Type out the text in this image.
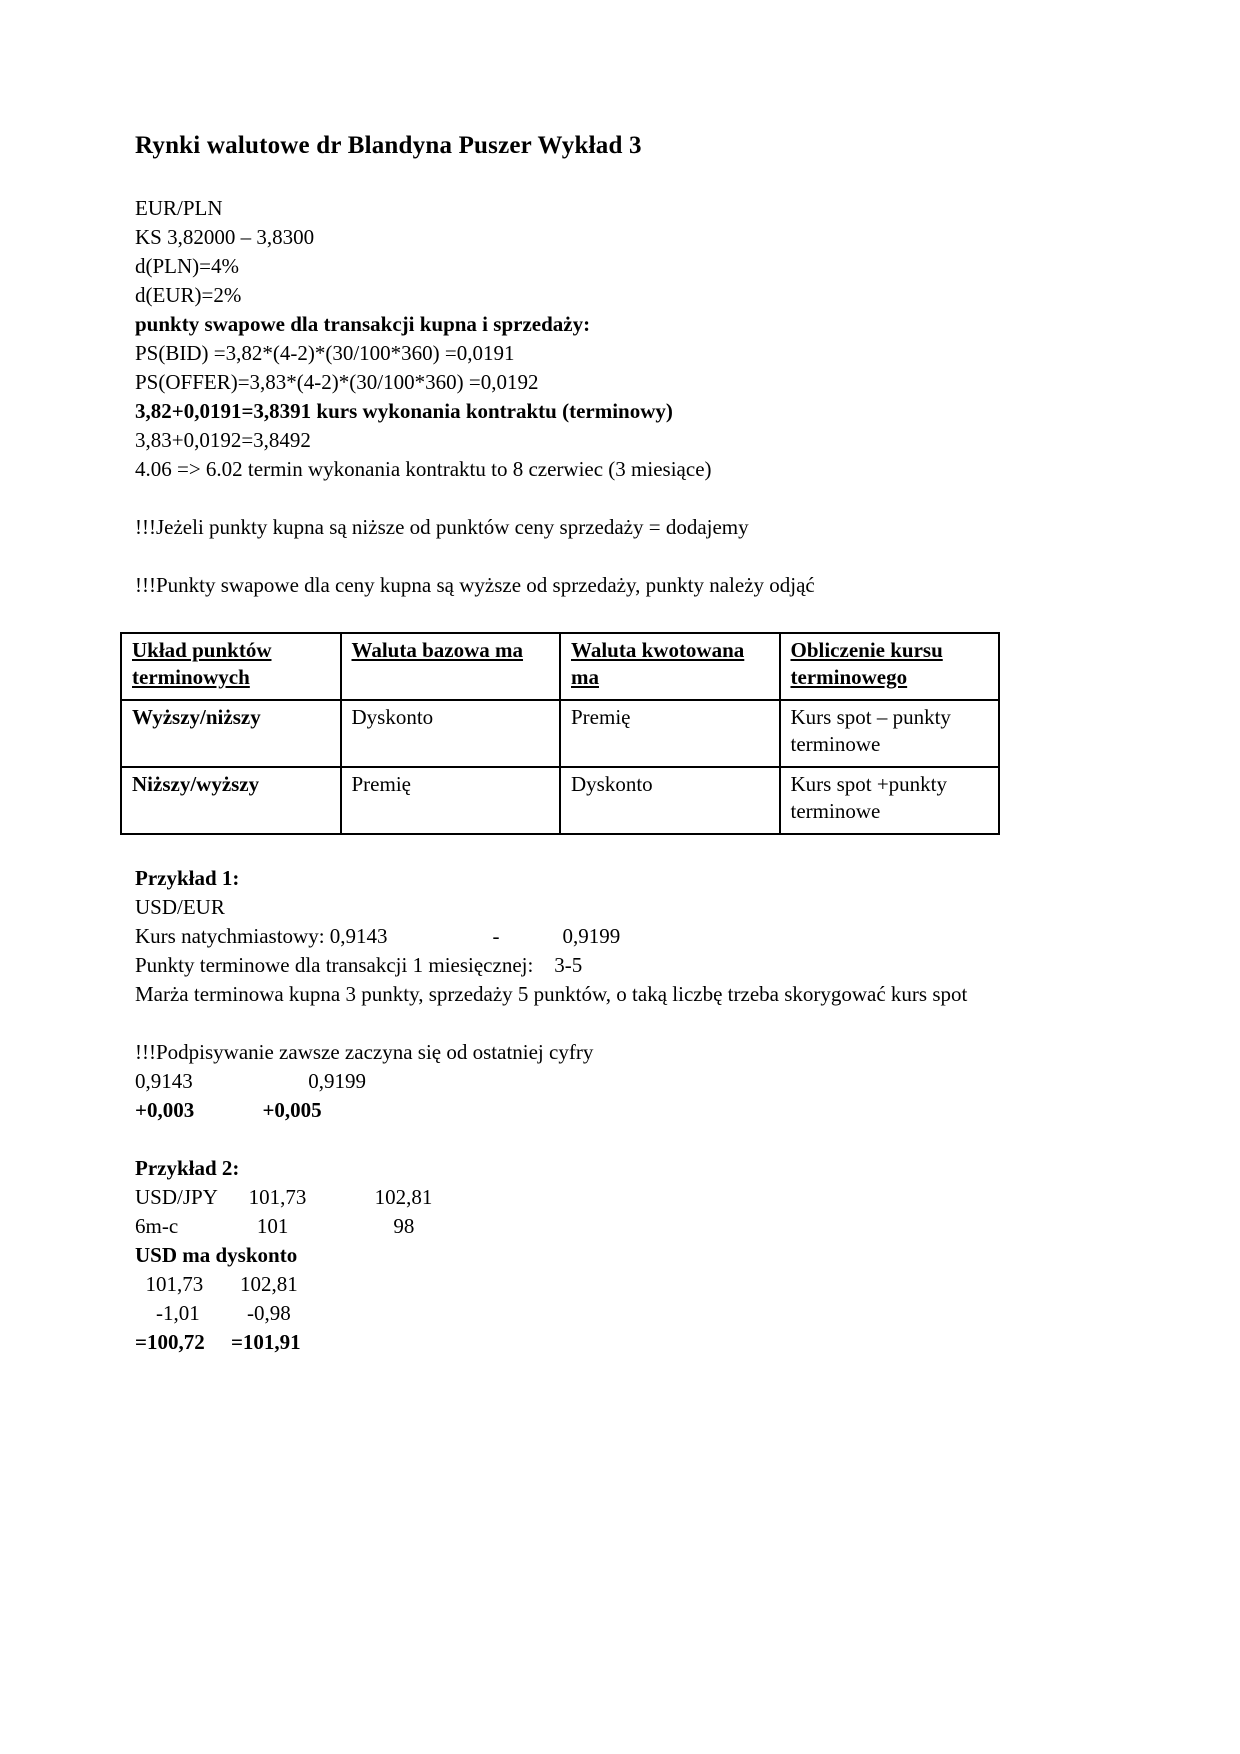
Rynki walutowe dr Blandyna Puszer Wykład 3

EUR/PLN

KS 3,82000 – 3,8300

d(PLN)=4%

d(EUR)=2%

punkty swapowe dla transakcji kupna i sprzedaży:

PS(BID) =3,82*(4-2)*(30/100*360) =0,0191

PS(OFFER)=3,83*(4-2)*(30/100*360) =0,0192

3,82+0,0191=3,8391 kurs wykonania kontraktu (terminowy)

3,83+0,0192=3,8492

4.06 => 6.02 termin wykonania kontraktu to 8 czerwiec (3 miesiące)

!!!Jeżeli punkty kupna są niższe od punktów ceny sprzedaży = dodajemy

!!!Punkty swapowe dla ceny kupna są wyższe od sprzedaży, punkty należy odjąć

Układ punktów terminowych	Waluta bazowa ma	Waluta kwotowana ma	Obliczenie kursu terminowego
Wyższy/niższy	Dyskonto	Premię	Kurs spot – punkty terminowe
Niższy/wyższy	Premię	Dyskonto	Kurs spot +punkty terminowe

Przykład 1:

USD/EUR

Kurs natychmiastowy: 0,9143                    -            0,9199

Punkty terminowe dla transakcji 1 miesięcznej:    3-5

Marża terminowa kupna 3 punkty, sprzedaży 5 punktów, o taką liczbę trzeba skorygować kurs spot

!!!Podpisywanie zawsze zaczyna się od ostatniej cyfry

0,9143                      0,9199

+0,003             +0,005

Przykład 2:

USD/JPY      101,73             102,81

6m-c               101                    98

USD ma dyskonto

101,73       102,81

-1,01         -0,98

=100,72     =101,91
